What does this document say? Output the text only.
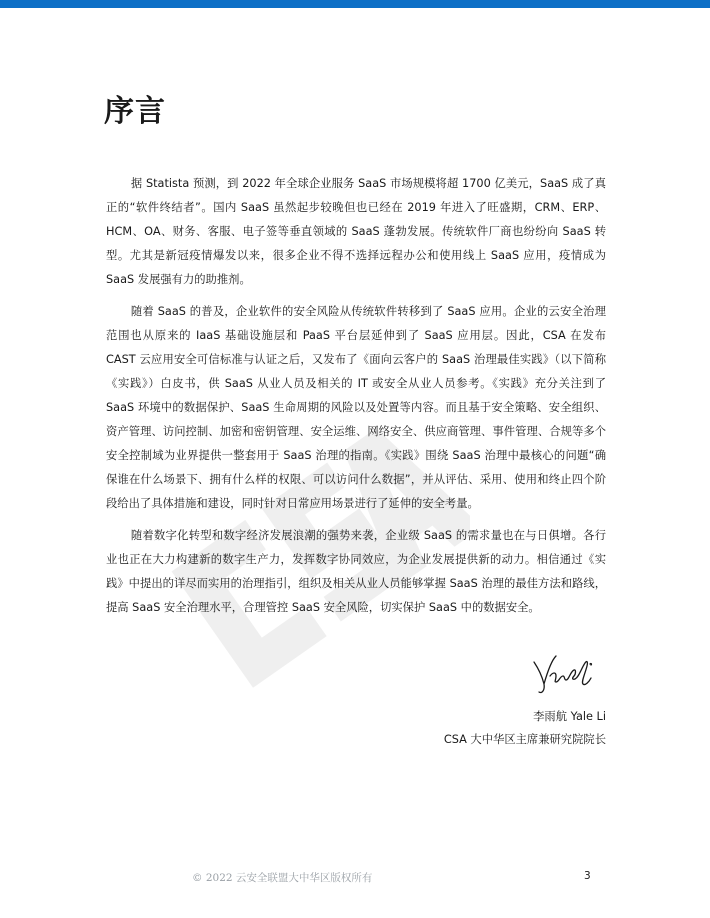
序言

据 Statista 预测，到 2022 年全球企业服务 SaaS 市场规模将超 1700 亿美元，SaaS 成了真正的“软件终结者”。国内 SaaS 虽然起步较晚但也已经在 2019 年进入了旺盛期，CRM、ERP、HCM、OA、财务、客服、电子签等垂直领域的 SaaS 蓬勃发展。传统软件厂商也纷纷向 SaaS 转型。尤其是新冠疫情爆发以来，很多企业不得不选择远程办公和使用线上 SaaS 应用，疫情成为 SaaS 发展强有力的助推剂。

随着 SaaS 的普及，企业软件的安全风险从传统软件转移到了 SaaS 应用。企业的云安全治理范围也从原来的 IaaS 基础设施层和 PaaS 平台层延伸到了 SaaS 应用层。因此，CSA 在发布 CAST 云应用安全可信标准与认证之后，又发布了《面向云客户的 SaaS 治理最佳实践》（以下简称《实践》）白皮书，供 SaaS 从业人员及相关的 IT 或安全从业人员参考。《实践》充分关注到了 SaaS 环境中的数据保护、SaaS 生命周期的风险以及处置等内容。而且基于安全策略、安全组织、资产管理、访问控制、加密和密钥管理、安全运维、网络安全、供应商管理、事件管理、合规等多个安全控制域为业界提供一整套用于 SaaS 治理的指南。《实践》围绕 SaaS 治理中最核心的问题“确保谁在什么场景下、拥有什么样的权限、可以访问什么数据”，并从评估、采用、使用和终止四个阶段给出了具体措施和建设，同时针对日常应用场景进行了延伸的安全考量。

随着数字化转型和数字经济发展浪潮的强势来袭，企业级 SaaS 的需求量也在与日俱增。各行业也正在大力构建新的数字生产力，发挥数字协同效应，为企业发展提供新的动力。相信通过《实践》中提出的详尽而实用的治理指引，组织及相关从业人员能够掌握 SaaS 治理的最佳方法和路线，提高 SaaS 安全治理水平，合理管控 SaaS 安全风险，切实保护 SaaS 中的数据安全。

李雨航 Yale Li
CSA 大中华区主席兼研究院院长
© 2022 云安全联盟大中华区版权所有	3
